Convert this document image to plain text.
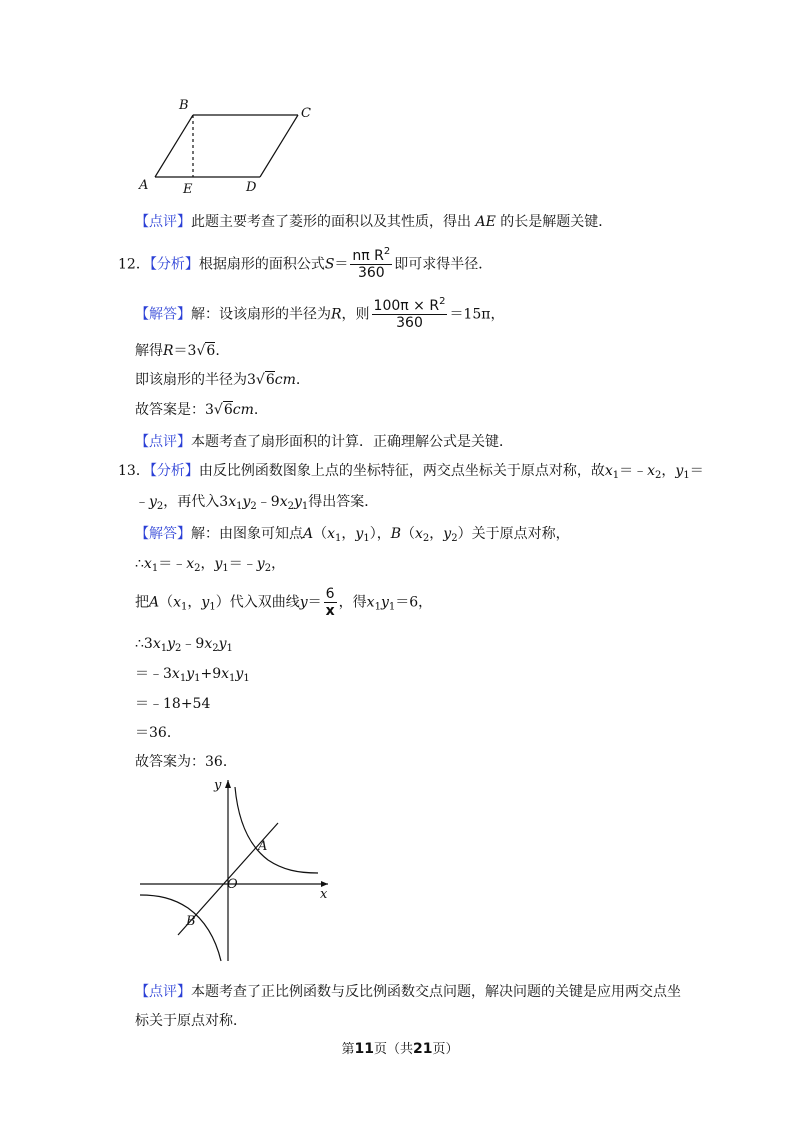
B
C
A	E	D
【点评】此题主要考查了菱形的面积以及其性质，得出 AE 的长是解题关键．
12．【分析】根据扇形的面积公式$S= \frac{n\pi R^2}{360}$ 即可求得半径．
【解答】解：设该扇形的半径为R，则 $\frac{100\pi \times R^2}{360} =15\pi$，
解得R＝3√6.
即该扇形的半径为3√6cm.
故答案是：3√6cm.
【点评】本题考查了扇形面积的计算．正确理解公式是关键．
13．【分析】由反比例函数图象上点的坐标特征，两交点坐标关于原点对称，故$x_1=﹣x_2$，$y_1=$
$﹣y_2$，再代入$3x_1y_2﹣9x_2y_1$得出答案．
【解答】解：由图象可知点$A(x_1$，$y_1$），$B(x_2$，$y_2$）关于原点对称，
$\therefore x_1=﹣x_2$，$y_1=﹣y_2$，
把$A(x_1$，$y_1$）代入双曲线$y= \frac{6}{x}$ ，得$x_1y_1=6$，
$\therefore 3x_1y_2﹣9x_2y_1$
$=﹣3x_1y_1+9x_1y_1$
＝﹣18+54
＝36．
故答案为：36．
y
x
O
A
B
【点评】本题考查了正比例函数与反比例函数交点问题，解决问题的关键是应用两交点坐
标关于原点对称．
第11页（共21页）
